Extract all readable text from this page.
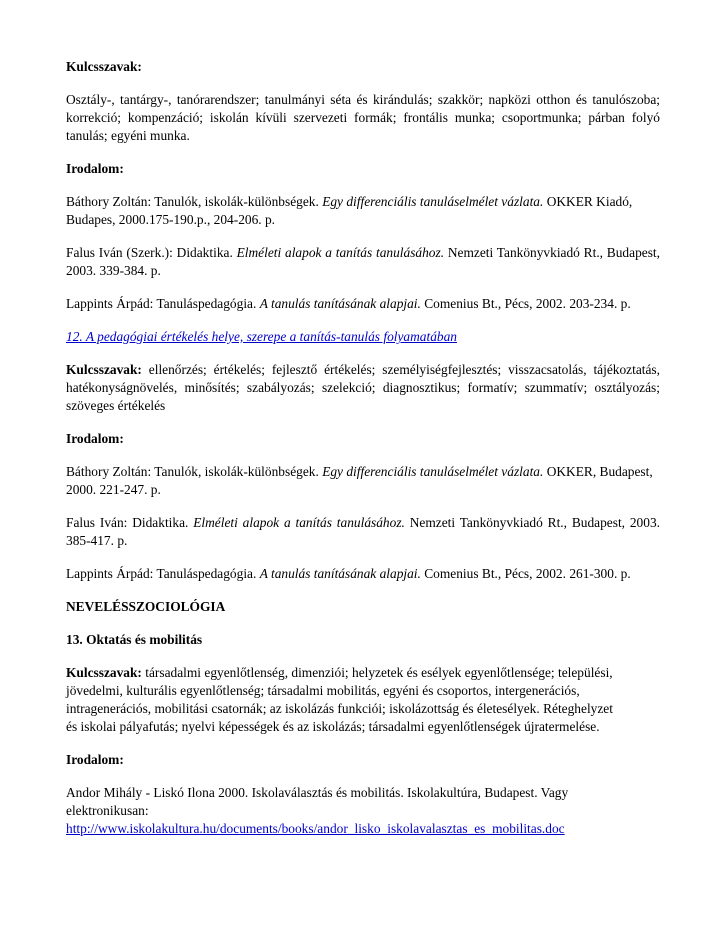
Kulcsszavak:

Osztály-, tantárgy-, tanórarendszer; tanulmányi séta és kirándulás; szakkör; napközi otthon és tanulószoba; korrekció; kompenzáció; iskolán kívüli szervezeti formák; frontális munka; csoportmunka; párban folyó tanulás; egyéni munka.

Irodalom:

Báthory Zoltán: Tanulók, iskolák-különbségek. Egy differenciális tanuláselmélet vázlata. OKKER Kiadó, Budapes, 2000.175-190.p., 204-206. p.

Falus Iván (Szerk.): Didaktika. Elméleti alapok a tanítás tanulásához. Nemzeti Tankönyvkiadó Rt., Budapest, 2003. 339-384. p.

Lappints Árpád: Tanuláspedagógia. A tanulás tanításának alapjai. Comenius Bt., Pécs, 2002. 203-234. p.

12. A pedagógiai értékelés helye, szerepe a tanítás-tanulás folyamatában

Kulcsszavak: ellenőrzés; értékelés; fejlesztő értékelés; személyiségfejlesztés; visszacsatolás, tájékoztatás, hatékonyságnövelés, minősítés; szabályozás; szelekció; diagnosztikus; formatív; szummatív; osztályozás; szöveges értékelés

Irodalom:

Báthory Zoltán: Tanulók, iskolák-különbségek. Egy differenciális tanuláselmélet vázlata. OKKER, Budapest, 2000. 221-247. p.

Falus Iván: Didaktika. Elméleti alapok a tanítás tanulásához. Nemzeti Tankönyvkiadó Rt., Budapest, 2003. 385-417. p.

Lappints Árpád: Tanuláspedagógia. A tanulás tanításának alapjai. Comenius Bt., Pécs, 2002. 261-300. p.

NEVELÉSSZOCIOLÓGIA

13. Oktatás és mobilitás

Kulcsszavak: társadalmi egyenlőtlenség, dimenziói; helyzetek és esélyek egyenlőtlensége; települési,
jövedelmi, kulturális egyenlőtlenség; társadalmi mobilitás, egyéni és csoportos, intergenerációs,
intragenerációs, mobilitási csatornák; az iskolázás funkciói; iskolázottság és életesélyek. Réteghelyzet
és iskolai pályafutás; nyelvi képességek és az iskolázás; társadalmi egyenlőtlenségek újratermelése.

Irodalom:

Andor Mihály - Liskó Ilona 2000. Iskolaválasztás és mobilitás. Iskolakultúra, Budapest. Vagy
elektronikusan:
http://www.iskolakultura.hu/documents/books/andor_lisko_iskolavalasztas_es_mobilitas.doc
